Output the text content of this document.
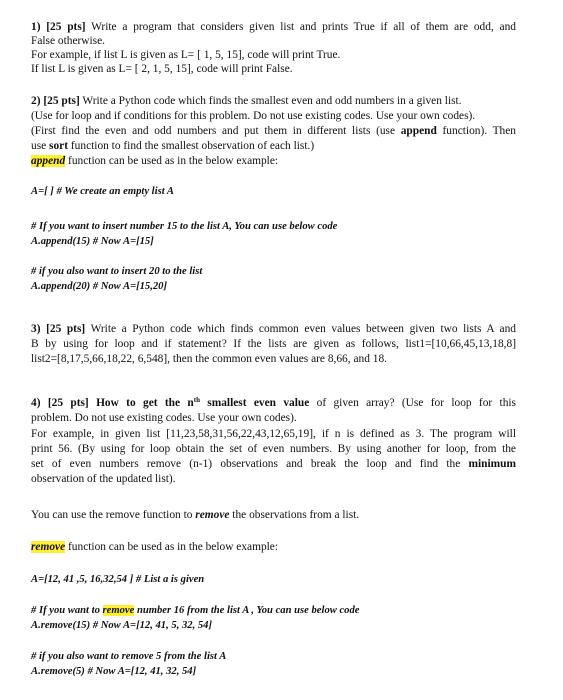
1) [25 pts] Write a program that considers given list and prints True if all of them are odd, and
False otherwise.
For example, if list L is given as L= [ 1, 5, 15], code will print True.
If list L is given as L= [ 2, 1, 5, 15], code will print False.
2) [25 pts] Write a Python code which finds the smallest even and odd numbers in a given list.
(Use for loop and if conditions for this problem. Do not use existing codes. Use your own codes).
(First find the even and odd numbers and put them in different lists (use append function). Then
use sort function to find the smallest observation of each list.)
append function can be used as in the below example:
A=[ ] # We create an empty list A
# If you want to insert number 15 to the list A, You can use below code
A.append(15) # Now A=[15]
# if you also want to insert 20 to the list
A.append(20) # Now A=[15,20]
3) [25 pts] Write a Python code which finds common even values between given two lists A and
B by using for loop and if statement? If the lists are given as follows, list1=[10,66,45,13,18,8]
list2=[8,17,5,66,18,22, 6,548], then the common even values are 8,66, and 18.
4) [25 pts] How to get the $n^{th}$ smallest even value of given array? (Use for loop for this
problem. Do not use existing codes. Use your own codes).
For example, in given list [11,23,58,31,56,22,43,12,65,19], if n is defined as 3. The program will
print 56. (By using for loop obtain the set of even numbers. By using another for loop, from the
set of even numbers remove (n-1) observations and break the loop and find the minimum
observation of the updated list).
You can use the remove function to remove the observations from a list.
remove function can be used as in the below example:
A=[12, 41 ,5, 16,32,54 ] # List a is given
# If you want to remove number 16 from the list A , You can use below code
A.remove(15) # Now A=[12, 41, 5, 32, 54]
# if you also want to remove 5 from the list A
A.remove(5) # Now A=[12, 41, 32, 54]
